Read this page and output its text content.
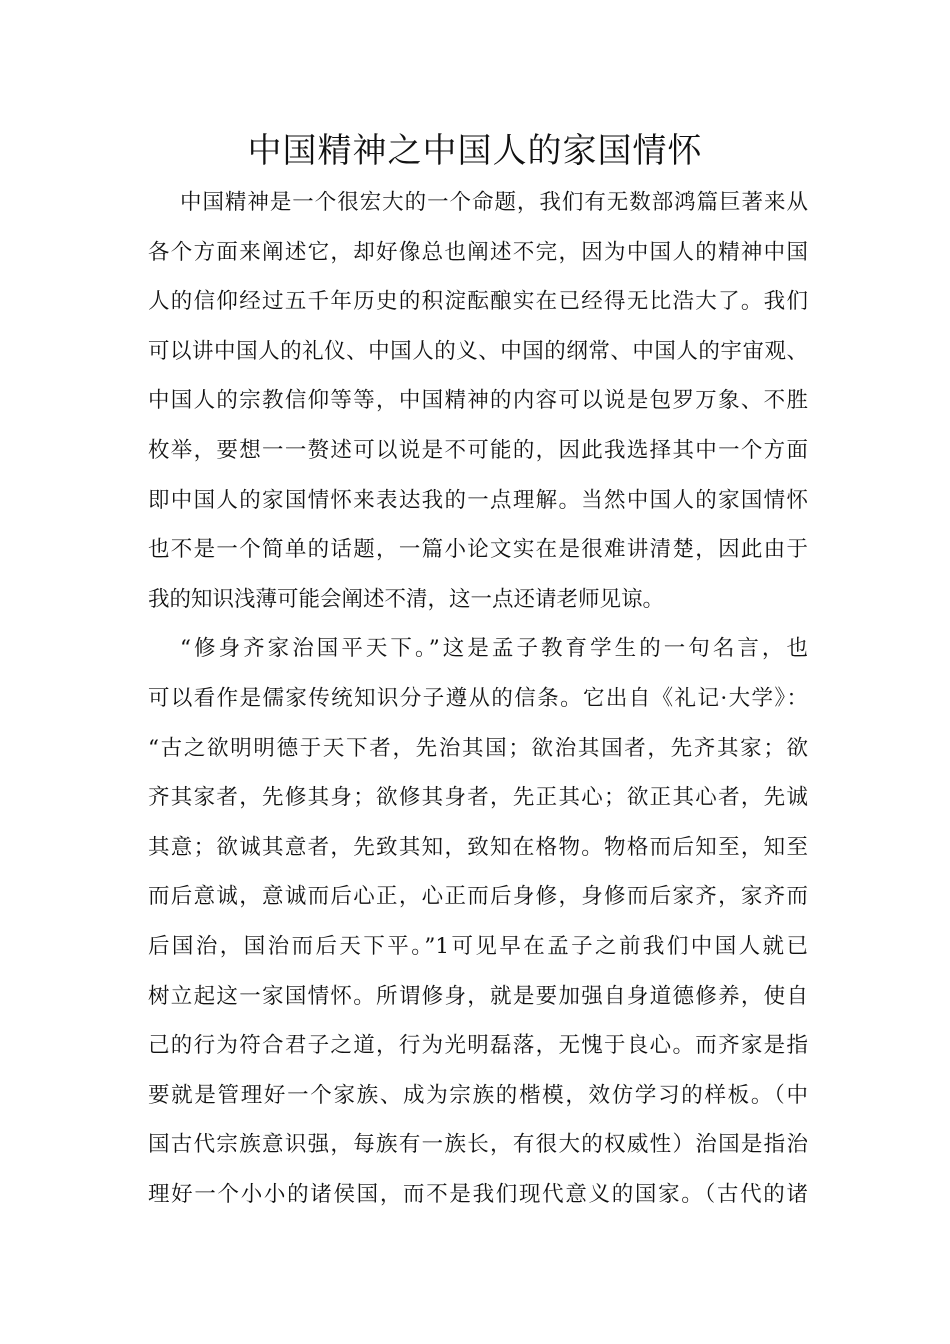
中国精神之中国人的家国情怀
中国精神是一个很宏大的一个命题，我们有无数部鸿篇巨著来从
各个方面来阐述它，却好像总也阐述不完，因为中国人的精神中国
人的信仰经过五千年历史的积淀酝酿实在已经得无比浩大了。我们
可以讲中国人的礼仪、中国人的义、中国的纲常、中国人的宇宙观、
中国人的宗教信仰等等，中国精神的内容可以说是包罗万象、不胜
枚举，要想一一赘述可以说是不可能的，因此我选择其中一个方面
即中国人的家国情怀来表达我的一点理解。当然中国人的家国情怀
也不是一个简单的话题，一篇小论文实在是很难讲清楚，因此由于
我的知识浅薄可能会阐述不清，这一点还请老师见谅。
“修身齐家治国平天下。”这是孟子教育学生的一句名言，也
可以看作是儒家传统知识分子遵从的信条。它出自《礼记·大学》：
“古之欲明明德于天下者，先治其国；欲治其国者，先齐其家；欲
齐其家者，先修其身；欲修其身者，先正其心；欲正其心者，先诚
其意；欲诚其意者，先致其知，致知在格物。物格而后知至，知至
而后意诚，意诚而后心正，心正而后身修，身修而后家齐，家齐而
后国治，国治而后天下平。”1可见早在孟子之前我们中国人就已
树立起这一家国情怀。所谓修身，就是要加强自身道德修养，使自
己的行为符合君子之道，行为光明磊落，无愧于良心。而齐家是指
要就是管理好一个家族、成为宗族的楷模，效仿学习的样板。（中
国古代宗族意识强，每族有一族长，有很大的权威性）治国是指治
理好一个小小的诸侯国，而不是我们现代意义的国家。（古代的诸
